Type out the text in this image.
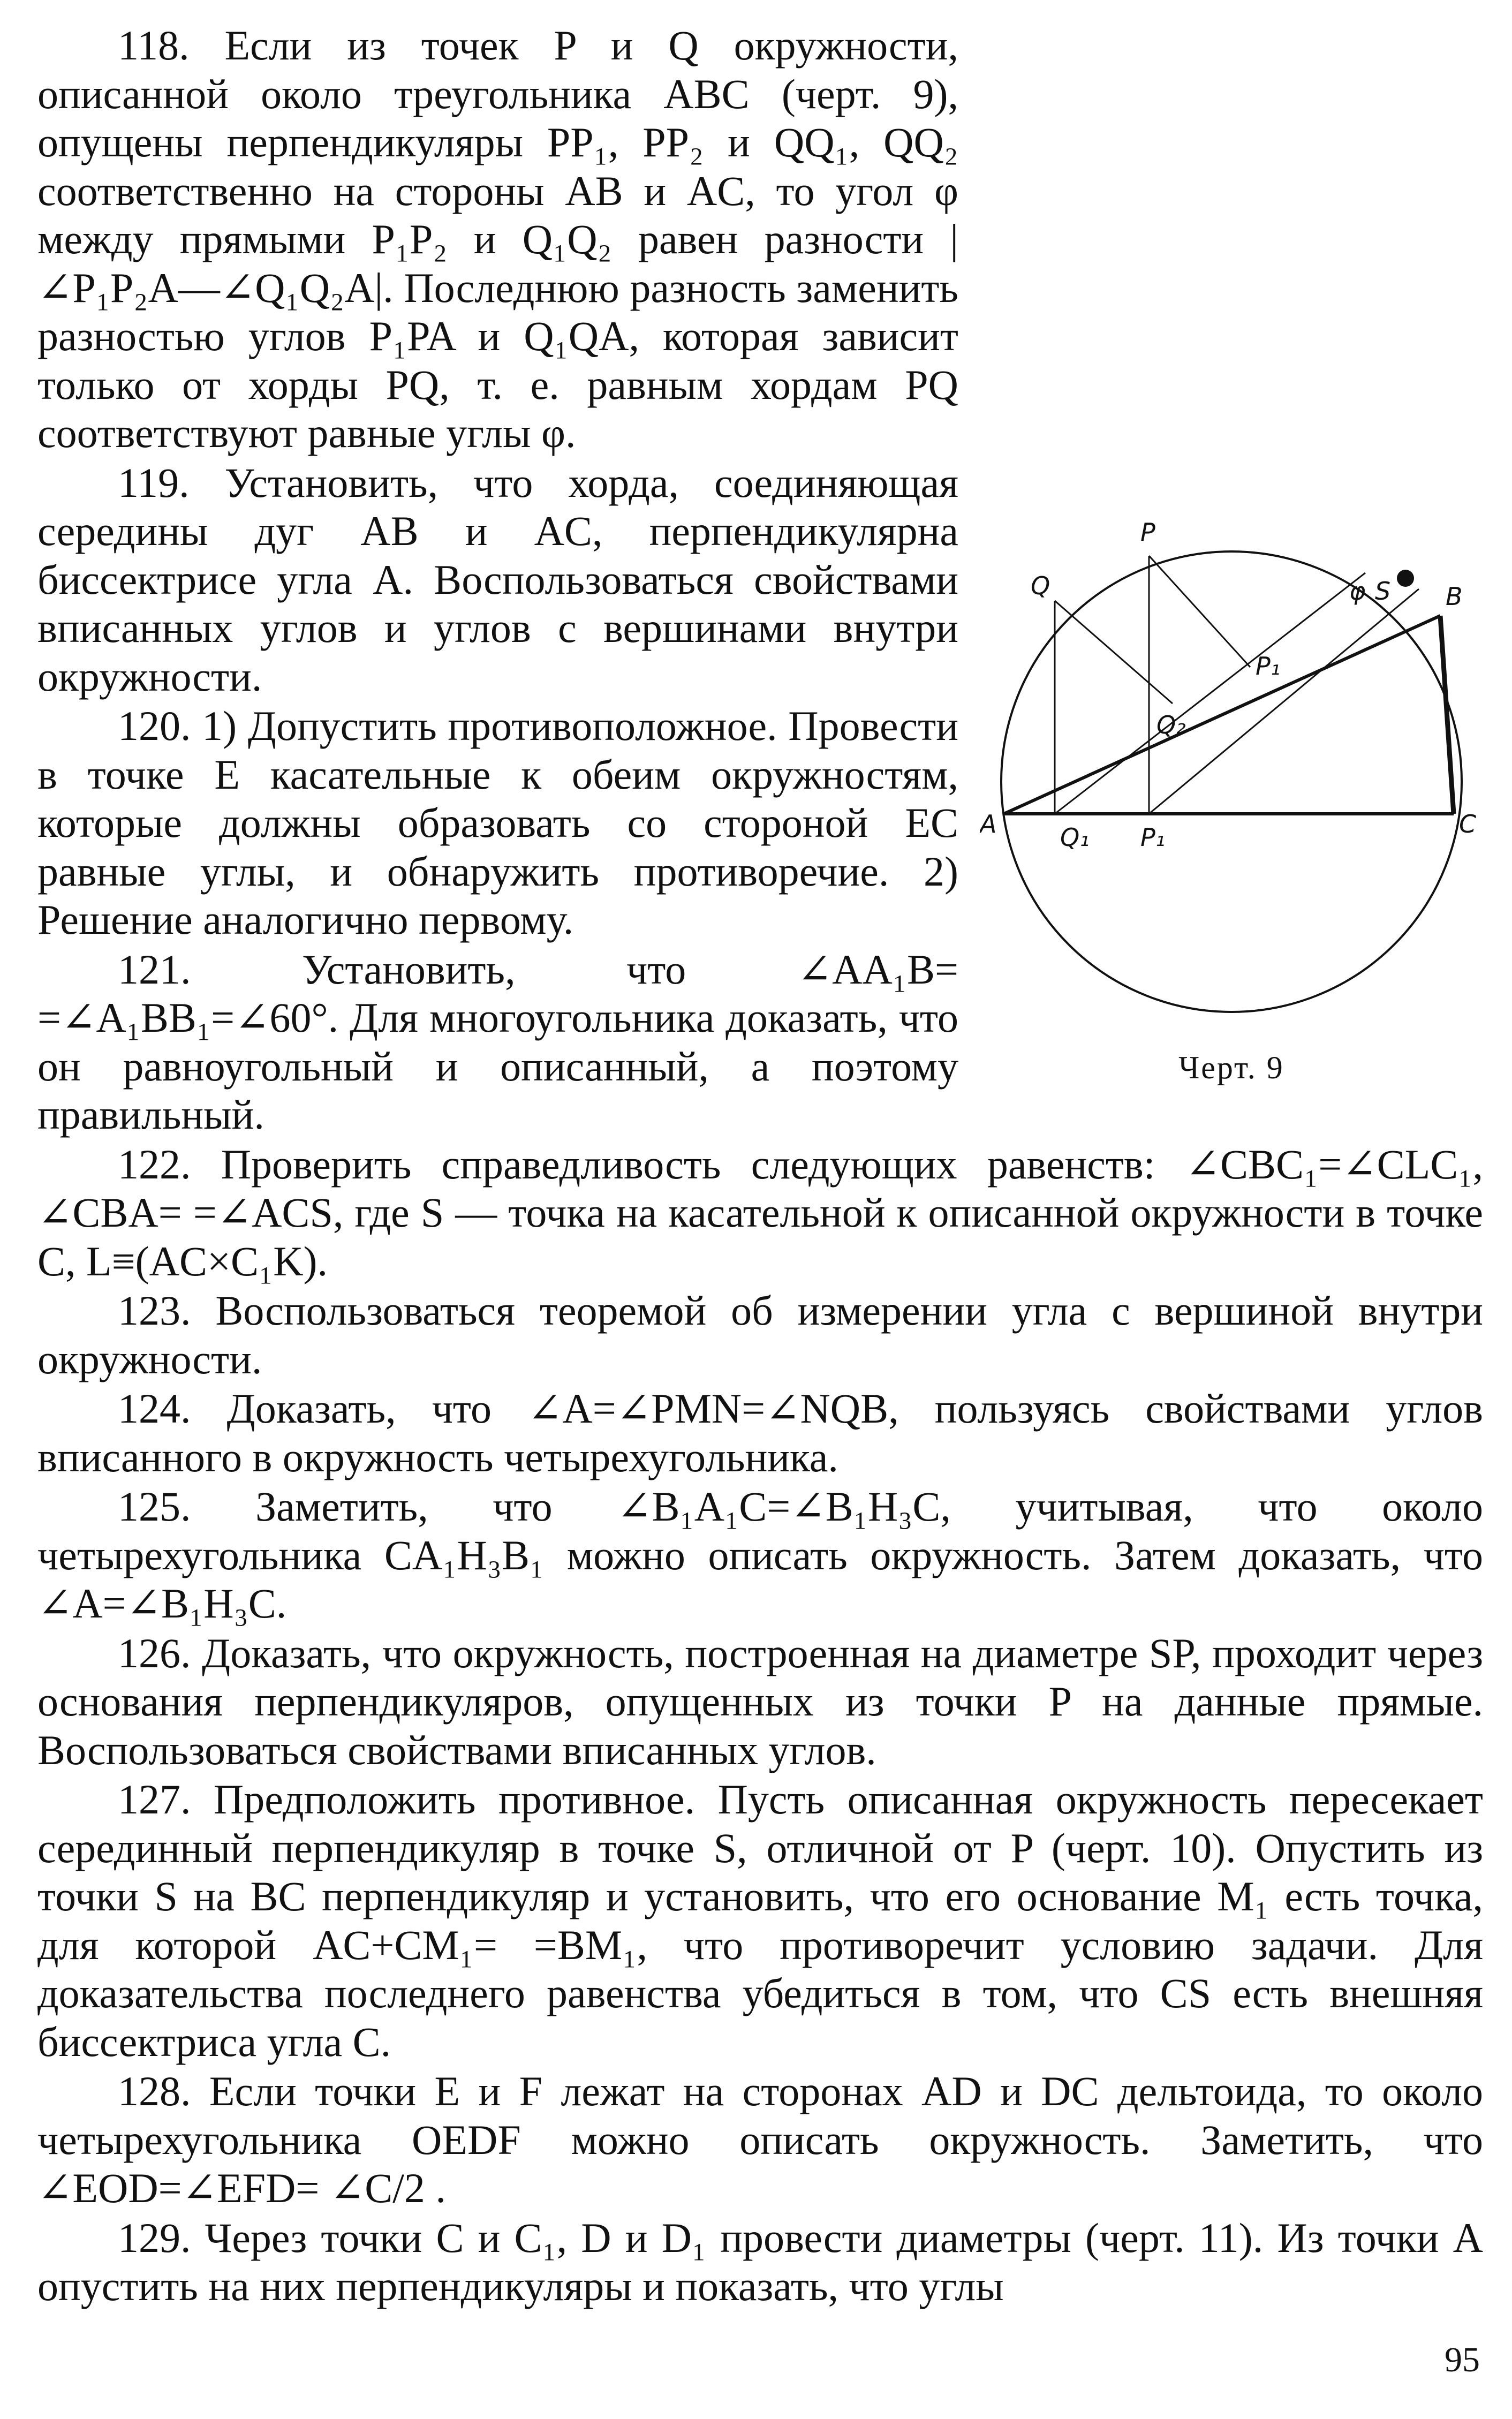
P
Q	B
A	C
S
φ
P₁
Q₂
Q₁ P₁
Черт. 9

118. Если из точек P и Q окружности, описанной около треугольника ABC (черт. 9), опущены перпендикуляры PP₁, PP₂ и QQ₁, QQ₂ соответственно на стороны AB и AC, то угол φ между прямыми P₁P₂ и Q₁Q₂ равен разности |∠P₁P₂A—∠Q₁Q₂A|. Последнюю разность заменить разностью углов P₁PA и Q₁QA, которая зависит только от хорды PQ, т. е. равным хордам PQ соответствуют равные углы φ.

119. Установить, что хорда, соединяющая середины дуг AB и AC, перпендикулярна биссектрисе угла A. Воспользоваться свойствами вписанных углов и углов с вершинами внутри окружности.

120. 1) Допустить противоположное. Провести в точке E касательные к обеим окружностям, которые должны образовать со стороной EC равные углы, и обнаружить противоречие. 2) Решение аналогично первому.

121. Установить, что ∠AA₁B= =∠A₁BB₁=∠60°. Для многоугольника доказать, что он равноугольный и описанный, а поэтому правильный.

122. Проверить справедливость следующих равенств: ∠CBC₁=∠CLC₁, ∠CBA= =∠ACS, где S — точка на касательной к описанной окружности в точке C, L≡(AC×C₁K).

123. Воспользоваться теоремой об измерении угла с вершиной внутри окружности.

124. Доказать, что ∠A=∠PMN=∠NQB, пользуясь свойствами углов вписанного в окружность четырехугольника.

125. Заметить, что ∠B₁A₁C=∠B₁H₃C, учитывая, что около четырехугольника CA₁H₃B₁ можно описать окружность. Затем доказать, что ∠A=∠B₁H₃C.

126. Доказать, что окружность, построенная на диаметре SP, проходит через основания перпендикуляров, опущенных из точки P на данные прямые. Воспользоваться свойствами вписанных углов.

127. Предположить противное. Пусть описанная окружность пересекает серединный перпендикуляр в точке S, отличной от P (черт. 10). Опустить из точки S на BC перпендикуляр и установить, что его основание M₁ есть точка, для которой AC+CM₁= =BM₁, что противоречит условию задачи. Для доказательства последнего равенства убедиться в том, что CS есть внешняя биссектриса угла C.

128. Если точки E и F лежат на сторонах AD и DC дельтоида, то около четырехугольника OEDF можно описать окружность. Заметить, что ∠EOD=∠EFD= ∠C/2 .

129. Через точки C и C₁, D и D₁ провести диаметры (черт. 11). Из точки A опустить на них перпендикуляры и показать, что углы

95
